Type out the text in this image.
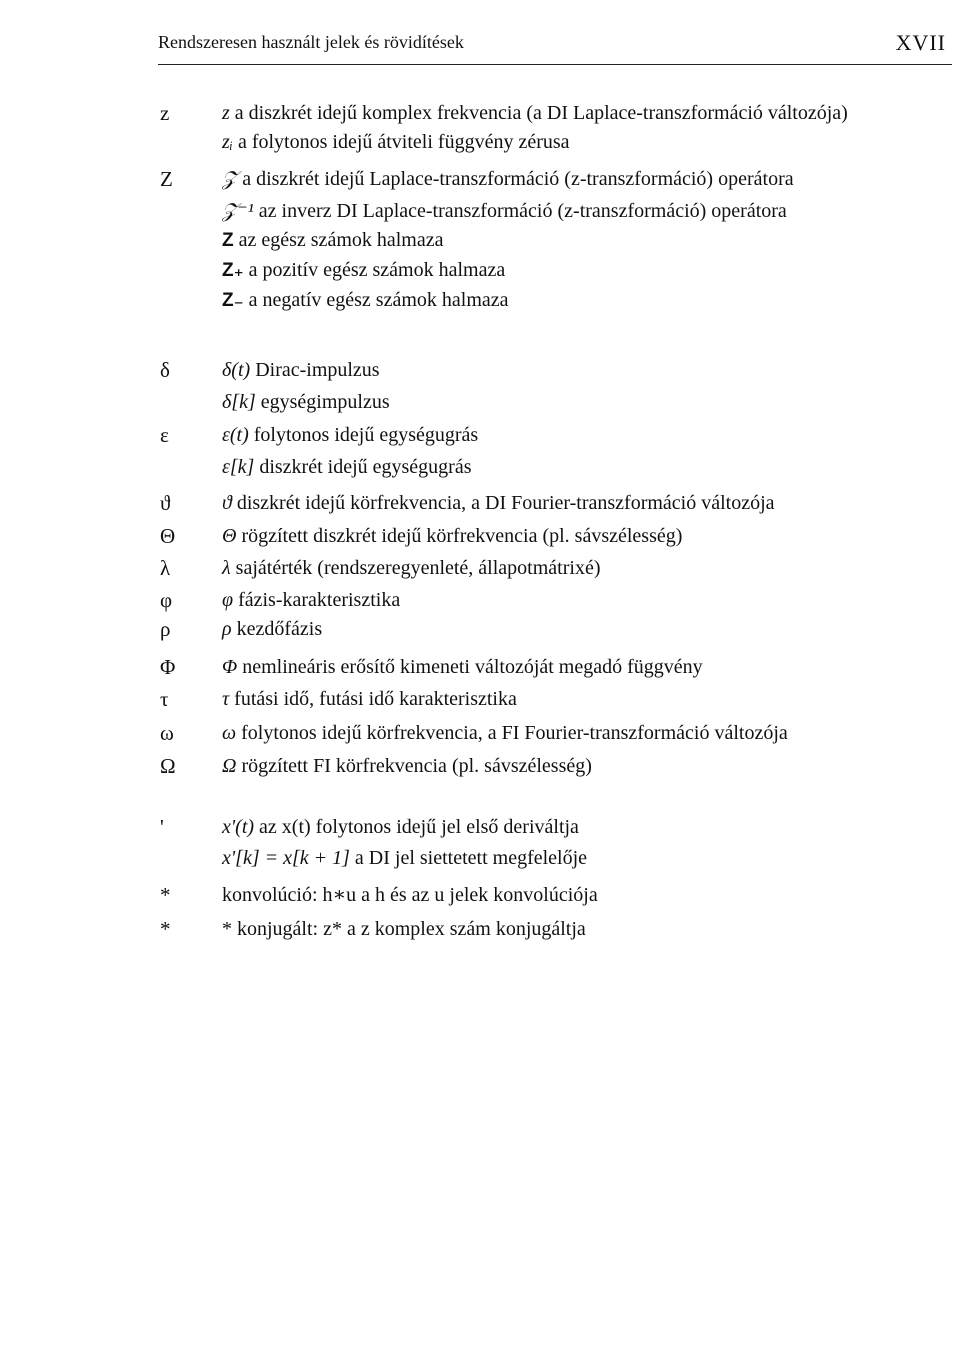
Rendszeresen használt jelek és rövidítések	XVII
z	z a diszkrét idejű komplex frekvencia (a DI Laplace-transzformáció változója)
zᵢ a folytonos idejű átviteli függvény zérusa
Z	𝒵 a diszkrét idejű Laplace-transzformáció (z-transzformáció) operátora
𝒵⁻¹ az inverz DI Laplace-transzformáció (z-transzformáció) operátora
Z az egész számok halmaza
Z₊ a pozitív egész számok halmaza
Z₋ a negatív egész számok halmaza
δ	δ(t) Dirac-impulzus
δ[k] egységimpulzus
ε	ε(t) folytonos idejű egységugrás
ε[k] diszkrét idejű egységugrás
ϑ	ϑ diszkrét idejű körfrekvencia, a DI Fourier-transzformáció változója
Θ	Θ rögzített diszkrét idejű körfrekvencia (pl. sávszélesség)
λ	λ sajátérték (rendszeregyenleté, állapotmátrixé)
φ	φ fázis-karakterisztika
ρ	ρ kezdőfázis
Φ	Φ nemlineáris erősítő kimeneti változóját megadó függvény
τ	τ futási idő, futási idő karakterisztika
ω	ω folytonos idejű körfrekvencia, a FI Fourier-transzformáció változója
Ω	Ω rögzített FI körfrekvencia (pl. sávszélesség)
'	x'(t) az x(t) folytonos idejű jel első deriváltja
x'[k] = x[k + 1] a DI jel siettetett megfelelője
*	konvolúció: h∗u a h és az u jelek konvolúciója
*	* konjugált: z* a z komplex szám konjugáltja
